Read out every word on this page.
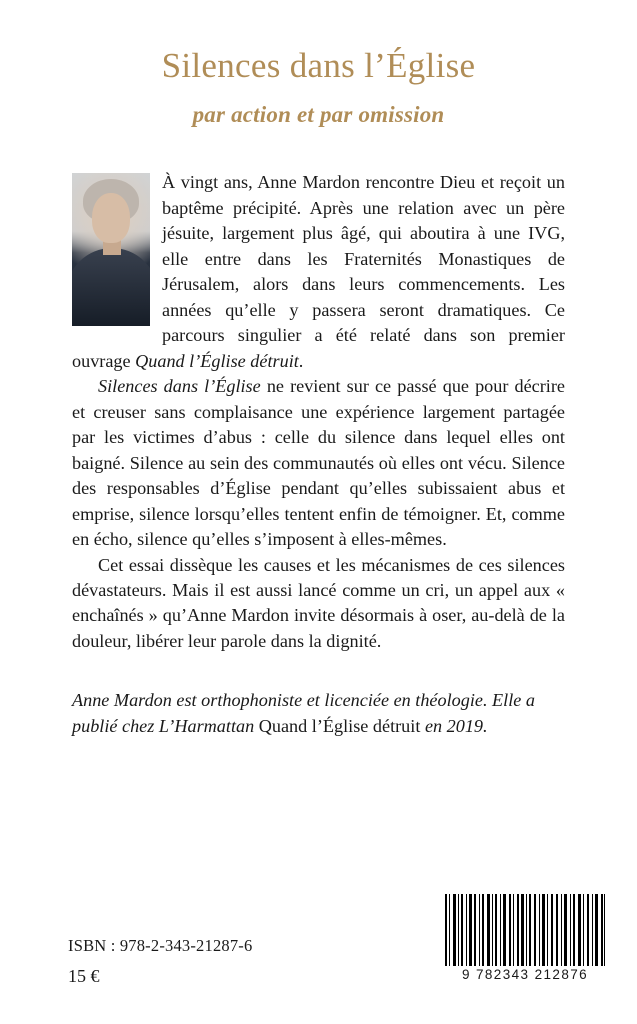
Silences dans l’Église
par action et par omission

À vingt ans, Anne Mardon rencontre Dieu et reçoit un baptême précipité. Après une relation avec un père jésuite, largement plus âgé, qui aboutira à une IVG, elle entre dans les Fraternités Monastiques de Jérusalem, alors dans leurs commencements. Les années qu’elle y passera seront dramatiques. Ce parcours singulier a été relaté dans son premier ouvrage Quand l’Église détruit.

Silences dans l’Église ne revient sur ce passé que pour décrire et creuser sans complaisance une expérience largement partagée par les victimes d’abus : celle du silence dans lequel elles ont baigné. Silence au sein des communautés où elles ont vécu. Silence des responsables d’Église pendant qu’elles subissaient abus et emprise, silence lorsqu’elles tentent enfin de témoigner. Et, comme en écho, silence qu’elles s’imposent à elles-mêmes.

Cet essai dissèque les causes et les mécanismes de ces silences dévastateurs. Mais il est aussi lancé comme un cri, un appel aux « enchaînés » qu’Anne Mardon invite désormais à oser, au-delà de la douleur, libérer leur parole dans la dignité.

Anne Mardon est orthophoniste et licenciée en théologie. Elle a publié chez L’Harmattan Quand l’Église détruit en 2019.
ISBN : 978-2-343-21287-6
15 €	9 782343 212876
